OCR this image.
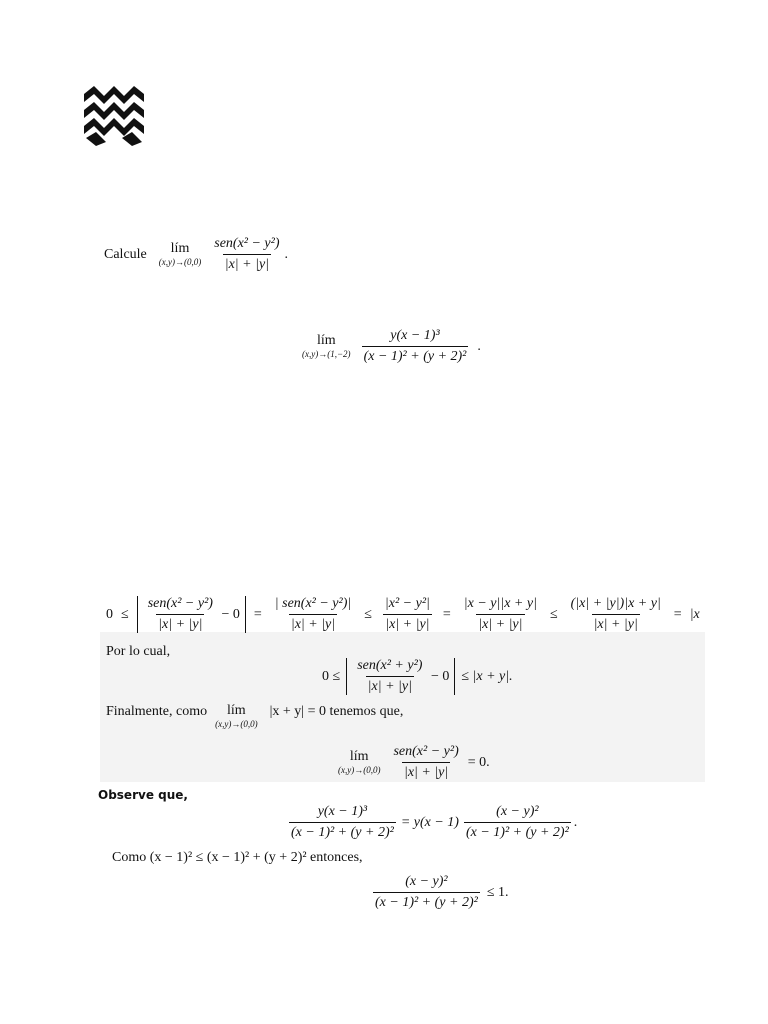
Calcule lím
$(x,y)\to(0,0) \frac{\text{sen(x² − y²)}}{|x| + |y|}$ .
lím
$(x,y)\to(1,-2) \frac{\text{y(x − 1)³}}{\text{(x − 1)² + (y + 2)²}}$ .
$0 \le \frac{\text{sen(x² − y²)}}{|x| + |y|} - 0$	= $\frac{\text{| sen(x² − y²)|}}{|x| + |y|} \le \frac{\text{|x² − y²|}}{|x| + |y|} = \frac{|x - y||x + y|}{|x| + |y|} \le \frac{(|x| + |y|)|x + y|}{|x| + |y|} = |x$
Por lo cual,
$0 \le \frac{\text{sen(x² + y²)}}{|x| + |y|} - 0 \le |x + y|$.
Finalmente, como lím
(x,y)→(0,0)
|x + y| = 0 tenemos que,
lím
$(x,y)\to(0,0) \frac{\text{sen(x² − y²)}}{|x| + |y|} = 0$.
Observe que,
$\frac{\text{y(x − 1)³}}{\text{(x − 1)² + (y + 2)²}} = y(x - 1) \frac{\text{(x − y)²}}{\text{(x − 1)² + (y + 2)²}}$ .
Como (x − 1)² ≤ (x − 1)² + (y + 2)² entonces,
$\frac{\text{(x − y)²}}{\text{(x − 1)² + (y + 2)²}} \le 1$.
